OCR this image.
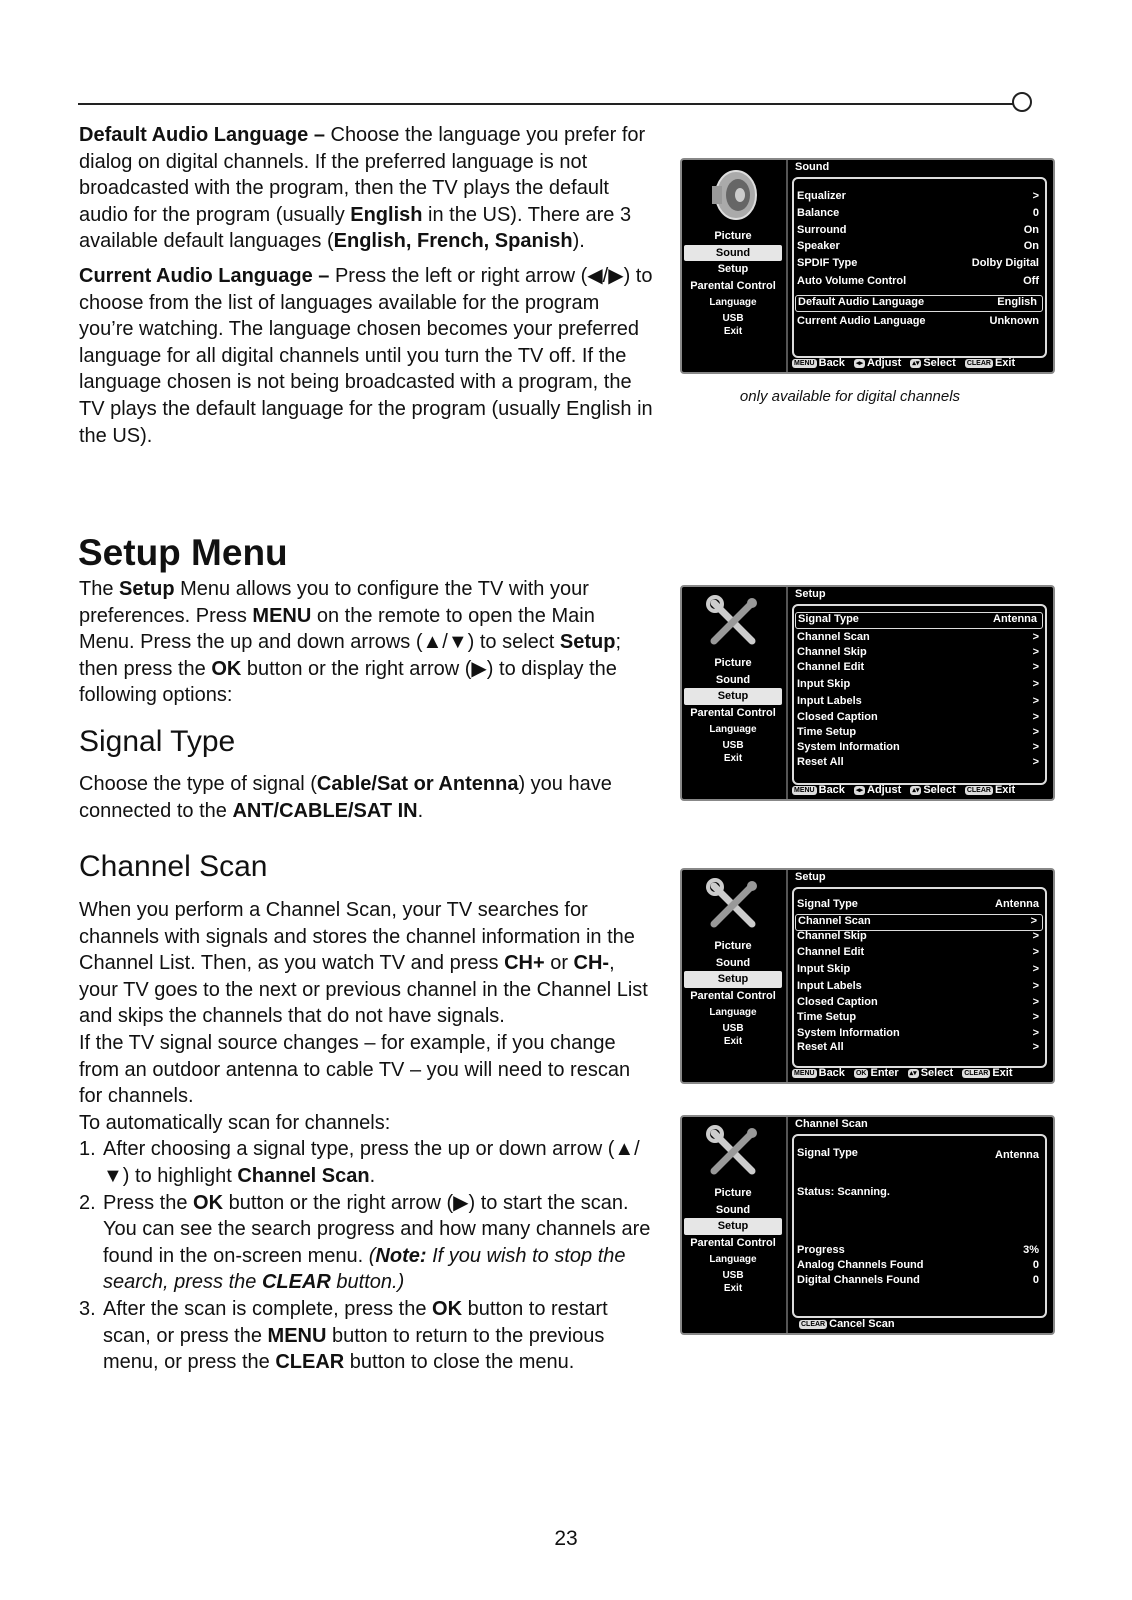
Default Audio Language – Choose the language you prefer for dialog on digital channels. If the preferred language is not broadcasted with the program, then the TV plays the default audio for the program (usually English in the US). There are 3 available default languages (English, French, Spanish).

Current Audio Language – Press the left or right arrow (◀/▶) to choose from the list of languages available for the program you’re watching. The language chosen becomes your preferred language for all digital channels until you turn the TV off. If the language chosen is not being broadcasted with a program, the TV plays the default language for the program (usually English in the US).

Setup Menu

The Setup Menu allows you to configure the TV with your preferences. Press MENU on the remote to open the Main Menu. Press the up and down arrows (▲/▼) to select Setup; then press the OK button or the right arrow (▶) to display the following options:

Signal Type

Choose the type of signal (Cable/Sat or Antenna) you have connected to the ANT/CABLE/SAT IN.

Channel Scan

When you perform a Channel Scan, your TV searches for channels with signals and stores the channel information in the Channel List. Then, as you watch TV and press CH+ or CH-, your TV goes to the next or previous channel in the Channel List and skips the channels that do not have signals.

If the TV signal source changes – for example, if you change from an outdoor antenna to cable TV – you will need to rescan for channels.

To automatically scan for channels:

1. After choosing a signal type, press the up or down arrow (▲/▼) to highlight Channel Scan.
2. Press the OK button or the right arrow (▶) to start the scan. You can see the search progress and how many channels are found in the on-screen menu. (Note: If you wish to stop the search, press the CLEAR button.)
3. After the scan is complete, press the OK button to restart scan, or press the MENU button to return to the previous menu, or press the CLEAR button to close the menu.
Picture
Sound
Setup
Parental Control
Language
USB
Exit
Sound
Equalizer	>
Balance	0
Surround	On
Speaker	On
SPDIF Type	Dolby Digital
Auto Volume Control	Off
Default Audio Language	English
Current Audio Language	Unknown
MENU Back ◂▸ Adjust ▴▾ Select CLEAR Exit
only available for digital channels
Picture
Sound
Setup
Parental Control
Language
USB
Exit
Setup
Signal Type	Antenna
Channel Scan	>
Channel Skip	>
Channel Edit	>
Input Skip	>
Input Labels	>
Closed Caption	>
Time Setup	>
System Information	>
Reset All	>
MENU Back ◂▸ Adjust ▴▾ Select CLEAR Exit
Picture
Sound
Setup
Parental Control
Language
USB
Exit
Setup
Signal Type	Antenna
Channel Scan	>
Channel Skip	>
Channel Edit	>
Input Skip	>
Input Labels	>
Closed Caption	>
Time Setup	>
System Information	>
Reset All	>
MENU Back OK Enter ▴▾ Select CLEAR Exit
Picture
Sound
Setup
Parental Control
Language
USB
Exit
Channel Scan
Signal Type	Antenna
Status: Scanning.
Progress	3%
Analog Channels Found	0
Digital Channels Found	0
CLEAR Cancel Scan
23
